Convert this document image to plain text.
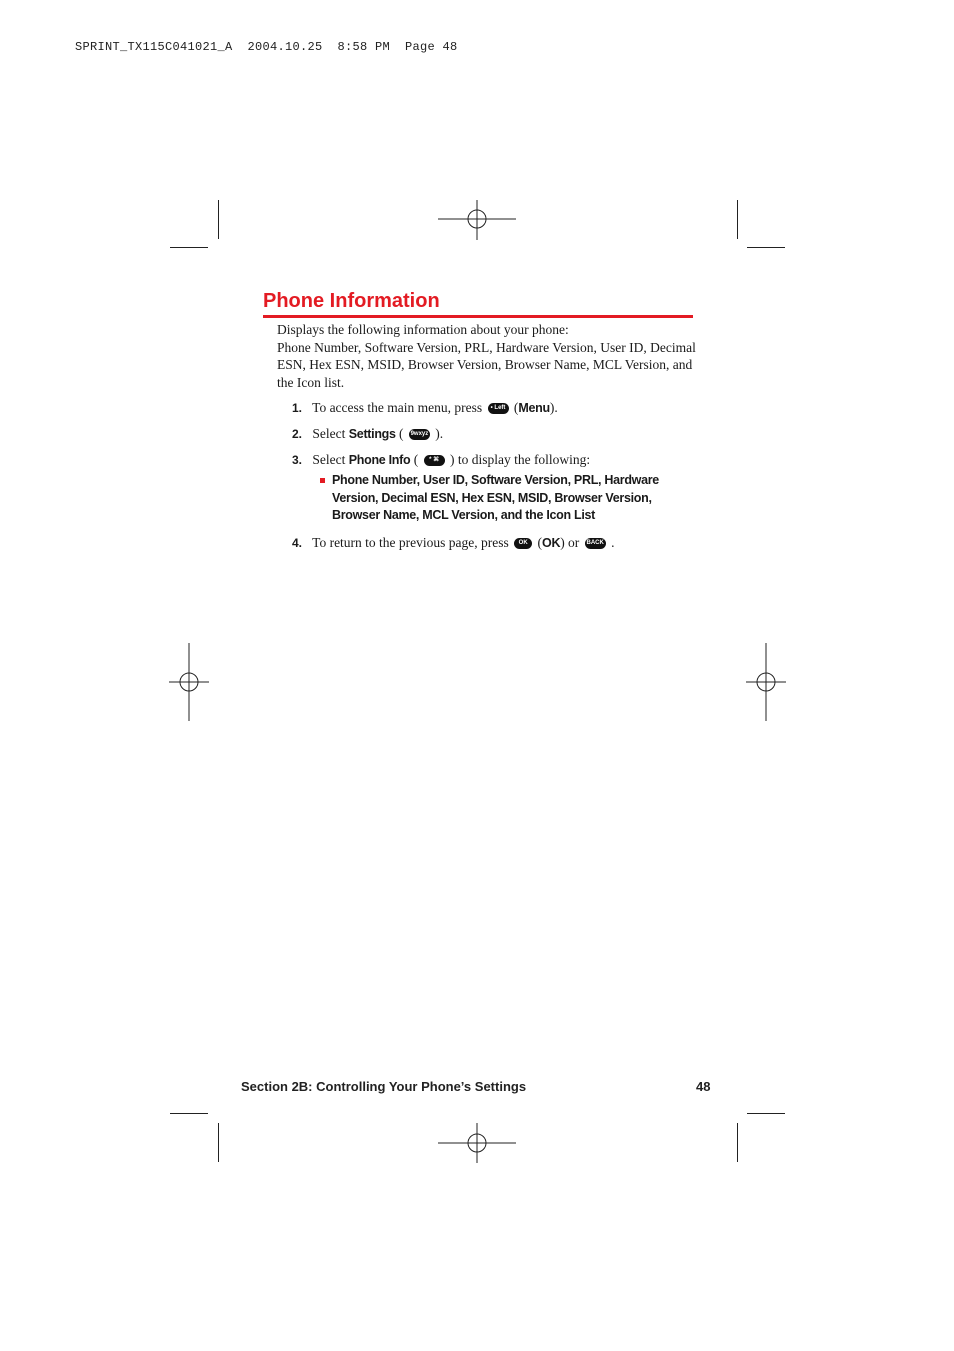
SPRINT_TX115C041021_A  2004.10.25  8:58 PM  Page 48
Phone Information
Displays the following information about your phone:
Phone Number, Software Version, PRL, Hardware Version, User ID, Decimal ESN, Hex ESN, MSID, Browser Version, Browser Name, MCL Version, and the Icon list.
1. To access the main menu, press • Left (Menu).
2. Select Settings ( 9wxyz ).
3. Select Phone Info ( * ⌘ ) to display the following:
Phone Number, User ID, Software Version, PRL, Hardware Version, Decimal ESN, Hex ESN, MSID, Browser Version, Browser Name, MCL Version, and the Icon List
4. To return to the previous page, press OK (OK) or BACK .
Section 2B: Controlling Your Phone’s Settings	48
